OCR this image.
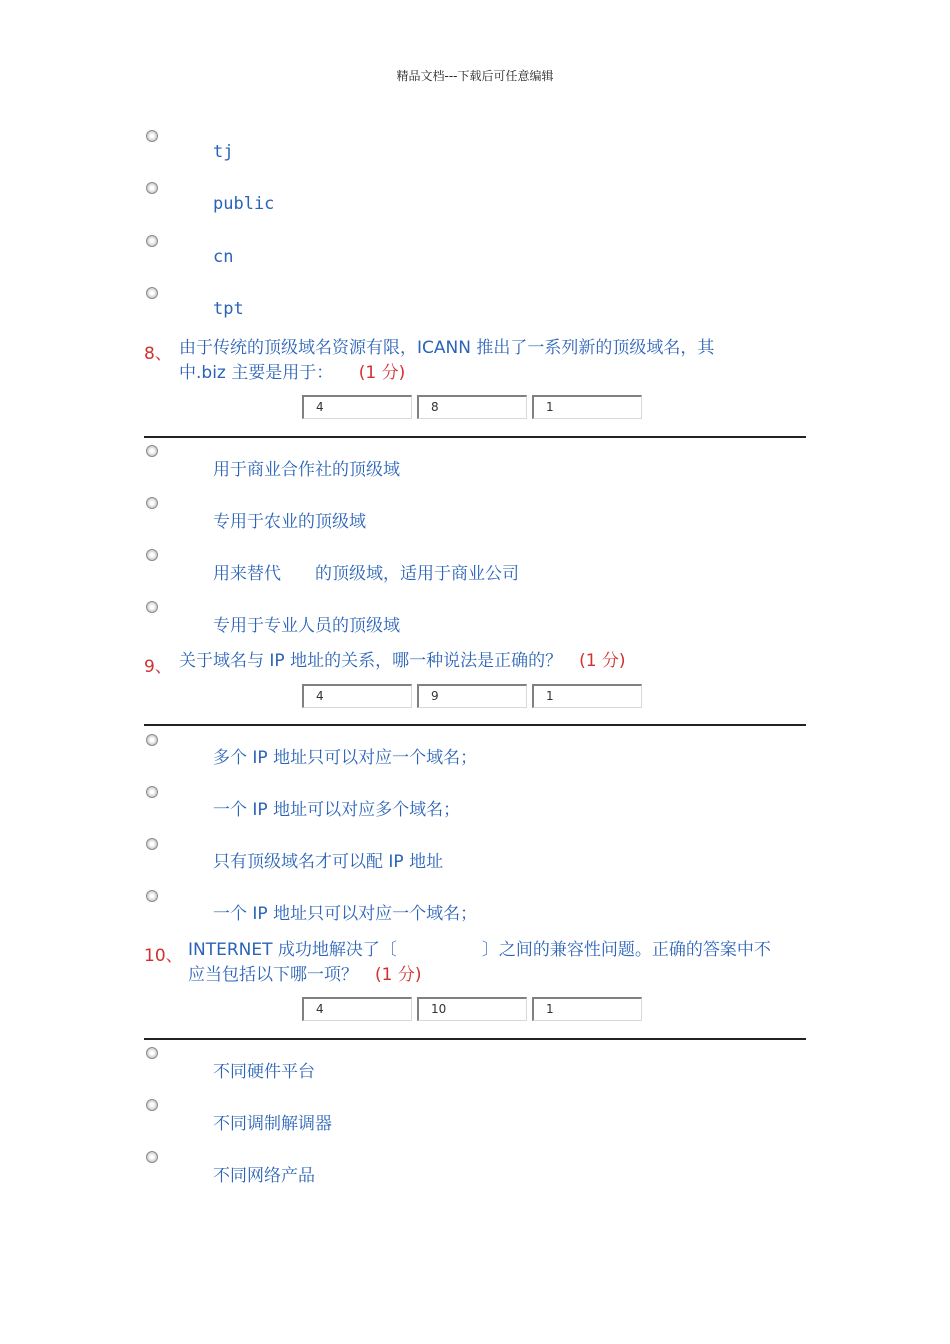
精品文档---下载后可任意编辑
tj
public
cn
tpt
8、 由于传统的顶级域名资源有限，ICANN 推出了一系列新的顶级域名，其
中.biz 主要是用于：　　 (1 分)
4	8	1
用于商业合作社的顶级域
专用于农业的顶级域
用来替代　　的顶级域，适用于商业公司
专用于专业人员的顶级域
9、 关于域名与 IP 地址的关系，哪一种说法是正确的？　 (1 分)
4	9	1
多个 IP 地址只可以对应一个域名；
一个 IP 地址可以对应多个域名；
只有顶级域名才可以配 IP 地址
一个 IP 地址只可以对应一个域名；
10、 INTERNET 成功地解决了〔　　　　　〕之间的兼容性问题。正确的答案中不
应当包括以下哪一项？　 (1 分)
4	10	1
不同硬件平台
不同调制解调器
不同网络产品
